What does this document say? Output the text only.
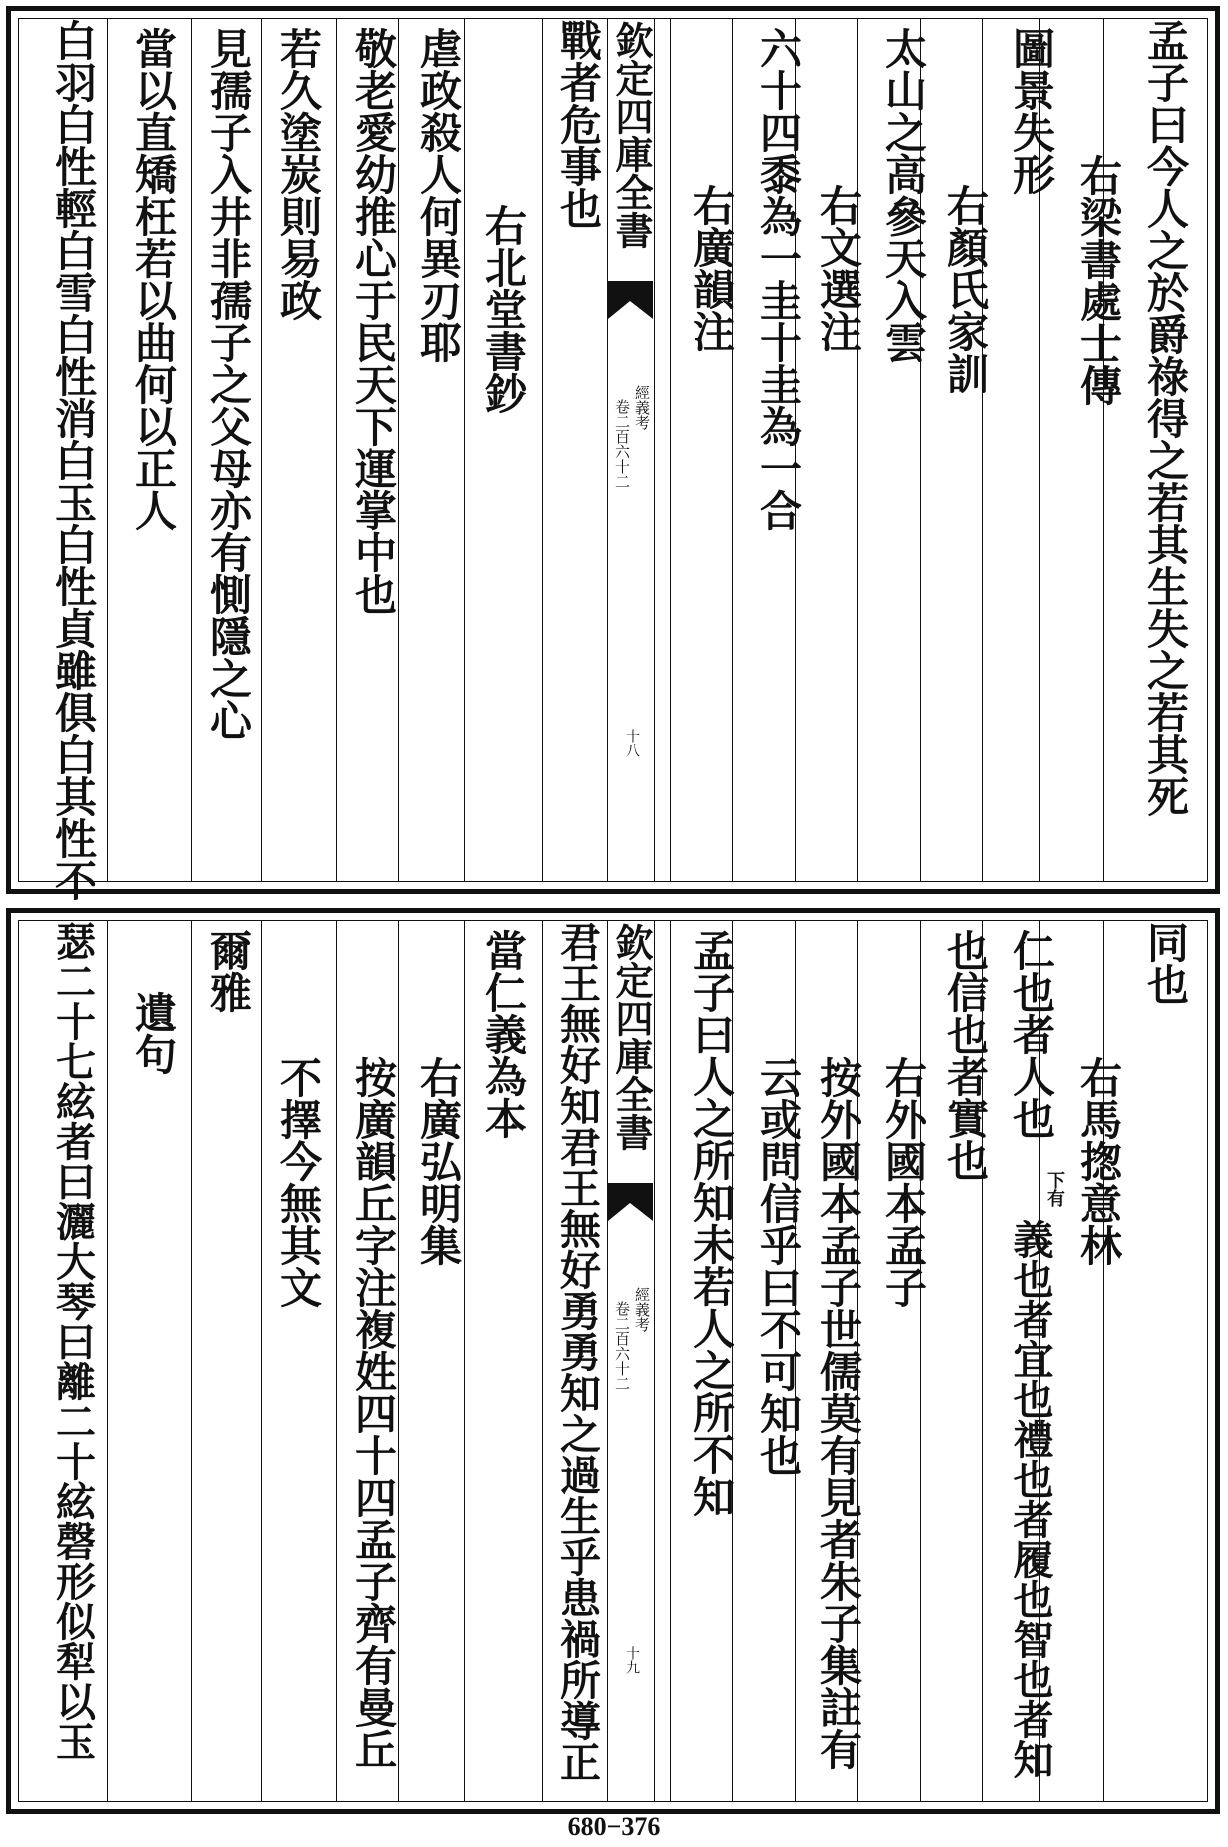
孟子曰今人之於爵祿得之若其生失之若其死
右梁書處士傳
圖景失形
右顏氏家訓
太山之高參天入雲
右文選注
六十四黍為一圭十圭為一合
右廣韻注
欽定四庫全書
經義考
卷二百六十二
十八
戰者危事也
右北堂書鈔
虐政殺人何異刃耶
敬老愛幼推心于民天下運掌中也
若久塗炭則易政
見孺子入井非孺子之父母亦有惻隱之心
當以直矯枉若以曲何以正人
白羽白性輕白雪白性消白玉白性貞雖俱白其性不
同也
右馬揔意林
仁也者人也
下有
義也者宜也禮也者履也智也者知
也信也者實也
右外國本孟子
按外國本孟子世儒莫有見者朱子集註有
云或問信乎曰不可知也
孟子曰人之所知未若人之所不知
欽定四庫全書
經義考
卷二百六十二
十九
君王無好知君王無好勇勇知之過生乎患禍所導正
當仁義為本
右廣弘明集
按廣韻丘字注複姓四十四孟子齊有曼丘
不擇今無其文
爾雅
遺句
瑟二十七絃者曰灑大琴曰離二十絃磬形似犁以玉
680−376
